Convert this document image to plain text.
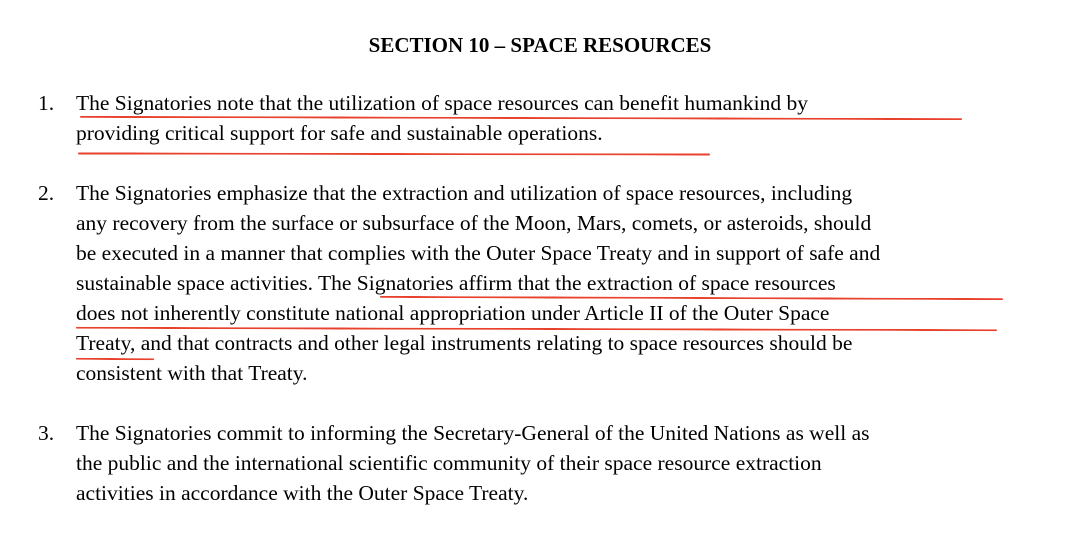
SECTION 10 – SPACE RESOURCES
1. The Signatories note that the utilization of space resources can benefit humankind by
providing critical support for safe and sustainable operations.
2. The Signatories emphasize that the extraction and utilization of space resources, including
any recovery from the surface or subsurface of the Moon, Mars, comets, or asteroids, should
be executed in a manner that complies with the Outer Space Treaty and in support of safe and
sustainable space activities. The Signatories affirm that the extraction of space resources
does not inherently constitute national appropriation under Article II of the Outer Space
Treaty, and that contracts and other legal instruments relating to space resources should be
consistent with that Treaty.
3. The Signatories commit to informing the Secretary-General of the United Nations as well as
the public and the international scientific community of their space resource extraction
activities in accordance with the Outer Space Treaty.
